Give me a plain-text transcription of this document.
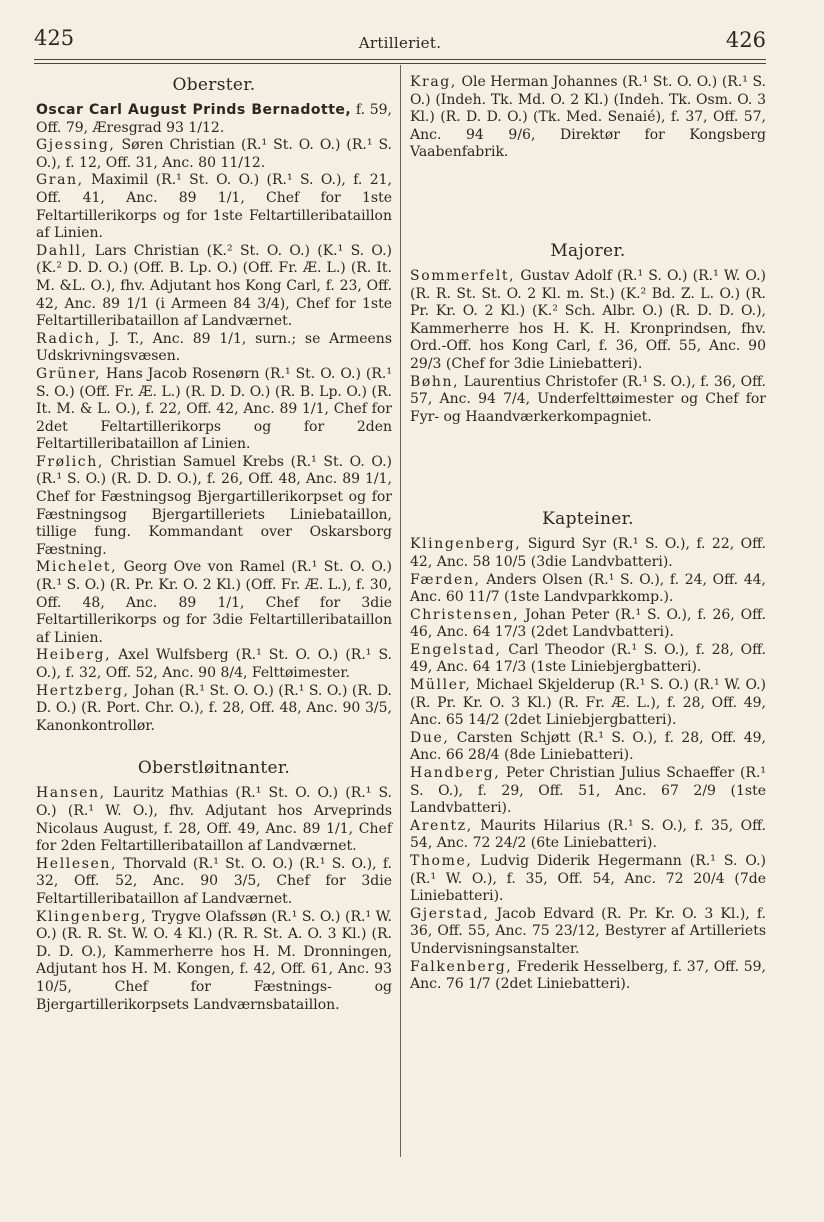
425	Artilleriet.	426
Oberster.

Oscar Carl August Prinds Bernadotte, f. 59, Off. 79, Æresgrad 93 1/12.

Gjessing, Søren Christian (R.¹ St. O. O.) (R.¹ S. O.), f. 12, Off. 31, Anc. 80 11/12.

Gran, Maximil (R.¹ St. O. O.) (R.¹ S. O.), f. 21, Off. 41, Anc. 89 1/1, Chef for 1ste Feltartillerikorps og for 1ste Feltartilleribataillon af Linien.

Dahll, Lars Christian (K.² St. O. O.) (K.¹ S. O.) (K.² D. D. O.) (Off. B. Lp. O.) (Off. Fr. Æ. L.) (R. It. M. &L. O.), fhv. Adjutant hos Kong Carl, f. 23, Off. 42, Anc. 89 1/1 (i Armeen 84 3/4), Chef for 1ste Feltartilleribataillon af Landværnet.

Radich, J. T., Anc. 89 1/1, surn.; se Armeens Udskrivningsvæsen.

Grüner, Hans Jacob Rosenørn (R.¹ St. O. O.) (R.¹ S. O.) (Off. Fr. Æ. L.) (R. D. D. O.) (R. B. Lp. O.) (R. It. M. & L. O.), f. 22, Off. 42, Anc. 89 1/1, Chef for 2det Feltartillerikorps og for 2den Feltartilleribataillon af Linien.

Frølich, Christian Samuel Krebs (R.¹ St. O. O.) (R.¹ S. O.) (R. D. D. O.), f. 26, Off. 48, Anc. 89 1/1, Chef for Fæstningsog Bjergartillerikorpset og for Fæstningsog Bjergartilleriets Liniebataillon, tillige fung. Kommandant over Oskarsborg Fæstning.

Michelet, Georg Ove von Ramel (R.¹ St. O. O.) (R.¹ S. O.) (R. Pr. Kr. O. 2 Kl.) (Off. Fr. Æ. L.), f. 30, Off. 48, Anc. 89 1/1, Chef for 3die Feltartillerikorps og for 3die Feltartilleribataillon af Linien.

Heiberg, Axel Wulfsberg (R.¹ St. O. O.) (R.¹ S. O.), f. 32, Off. 52, Anc. 90 8/4, Felttøimester.

Hertzberg, Johan (R.¹ St. O. O.) (R.¹ S. O.) (R. D. D. O.) (R. Port. Chr. O.), f. 28, Off. 48, Anc. 90 3/5, Kanonkontrollør.

Oberstløitnanter.

Hansen, Lauritz Mathias (R.¹ St. O. O.) (R.¹ S. O.) (R.¹ W. O.), fhv. Adjutant hos Arveprinds Nicolaus August, f. 28, Off. 49, Anc. 89 1/1, Chef for 2den Feltartilleribataillon af Landværnet.

Hellesen, Thorvald (R.¹ St. O. O.) (R.¹ S. O.), f. 32, Off. 52, Anc. 90 3/5, Chef for 3die Feltartilleribataillon af Landværnet.

Klingenberg, Trygve Olafssøn (R.¹ S. O.) (R.¹ W. O.) (R. R. St. W. O. 4 Kl.) (R. R. St. A. O. 3 Kl.) (R. D. D. O.), Kammerherre hos H. M. Dronningen, Adjutant hos H. M. Kongen, f. 42, Off. 61, Anc. 93 10/5, Chef for Fæstnings- og Bjergartillerikorpsets Landværnsbataillon.

Krag, Ole Herman Johannes (R.¹ St. O. O.) (R.¹ S. O.) (Indeh. Tk. Md. O. 2 Kl.) (Indeh. Tk. Osm. O. 3 Kl.) (R. D. D. O.) (Tk. Med. Senaié), f. 37, Off. 57, Anc. 94 9/6, Direktør for Kongsberg Vaabenfabrik.

Majorer.

Sommerfelt, Gustav Adolf (R.¹ S. O.) (R.¹ W. O.) (R. R. St. St. O. 2 Kl. m. St.) (K.² Bd. Z. L. O.) (R. Pr. Kr. O. 2 Kl.) (K.² Sch. Albr. O.) (R. D. D. O.), Kammerherre hos H. K. H. Kronprindsen, fhv. Ord.-Off. hos Kong Carl, f. 36, Off. 55, Anc. 90 29/3 (Chef for 3die Liniebatteri).

Bøhn, Laurentius Christofer (R.¹ S. O.), f. 36, Off. 57, Anc. 94 7/4, Underfelttøimester og Chef for Fyr- og Haandværkerkompagniet.

Kapteiner.

Klingenberg, Sigurd Syr (R.¹ S. O.), f. 22, Off. 42, Anc. 58 10/5 (3die Landvbatteri).

Færden, Anders Olsen (R.¹ S. O.), f. 24, Off. 44, Anc. 60 11/7 (1ste Landvparkkomp.).

Christensen, Johan Peter (R.¹ S. O.), f. 26, Off. 46, Anc. 64 17/3 (2det Landvbatteri).

Engelstad, Carl Theodor (R.¹ S. O.), f. 28, Off. 49, Anc. 64 17/3 (1ste Liniebjergbatteri).

Müller, Michael Skjelderup (R.¹ S. O.) (R.¹ W. O.) (R. Pr. Kr. O. 3 Kl.) (R. Fr. Æ. L.), f. 28, Off. 49, Anc. 65 14/2 (2det Liniebjergbatteri).

Due, Carsten Schjøtt (R.¹ S. O.), f. 28, Off. 49, Anc. 66 28/4 (8de Liniebatteri).

Handberg, Peter Christian Julius Schaeffer (R.¹ S. O.), f. 29, Off. 51, Anc. 67 2/9 (1ste Landvbatteri).

Arentz, Maurits Hilarius (R.¹ S. O.), f. 35, Off. 54, Anc. 72 24/2 (6te Liniebatteri).

Thome, Ludvig Diderik Hegermann (R.¹ S. O.) (R.¹ W. O.), f. 35, Off. 54, Anc. 72 20/4 (7de Liniebatteri).

Gjerstad, Jacob Edvard (R. Pr. Kr. O. 3 Kl.), f. 36, Off. 55, Anc. 75 23/12, Bestyrer af Artilleriets Undervisningsanstalter.

Falkenberg, Frederik Hesselberg, f. 37, Off. 59, Anc. 76 1/7 (2det Liniebatteri).
